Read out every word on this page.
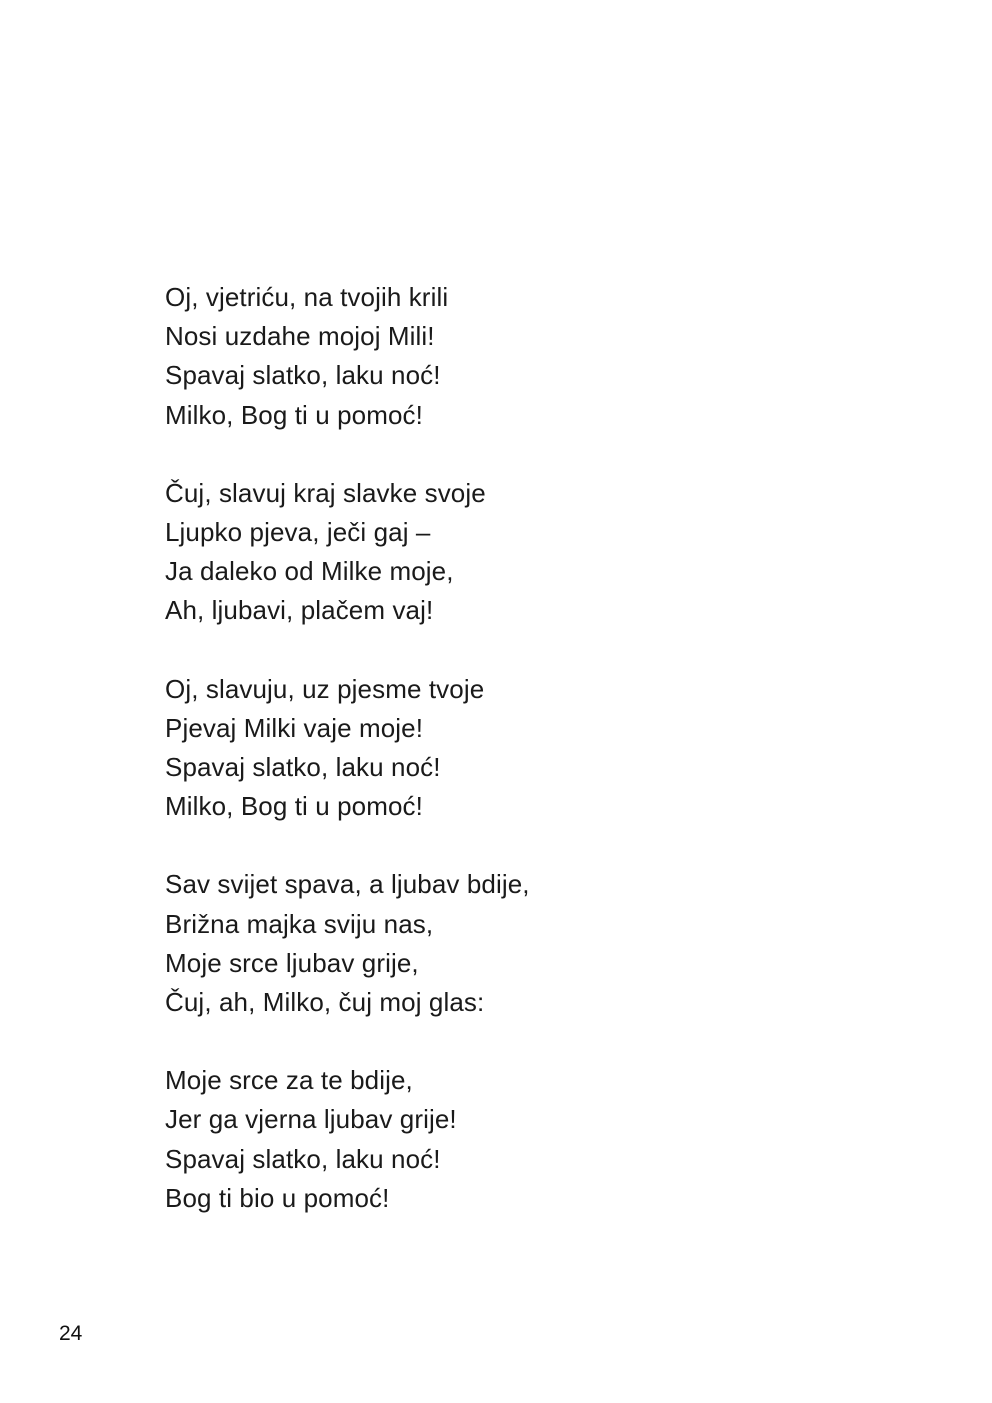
Oj, vjetriću, na tvojih krili
Nosi uzdahe mojoj Mili!
Spavaj slatko, laku noć!
Milko, Bog ti u pomoć!
Čuj, slavuj kraj slavke svoje
Ljupko pjeva, ječi gaj –
Ja daleko od Milke moje,
Ah, ljubavi, plačem vaj!
Oj, slavuju, uz pjesme tvoje
Pjevaj Milki vaje moje!
Spavaj slatko, laku noć!
Milko, Bog ti u pomoć!
Sav svijet spava, a ljubav bdije,
Brižna majka sviju nas,
Moje srce ljubav grije,
Čuj, ah, Milko, čuj moj glas:
Moje srce za te bdije,
Jer ga vjerna ljubav grije!
Spavaj slatko, laku noć!
Bog ti bio u pomoć!
24
